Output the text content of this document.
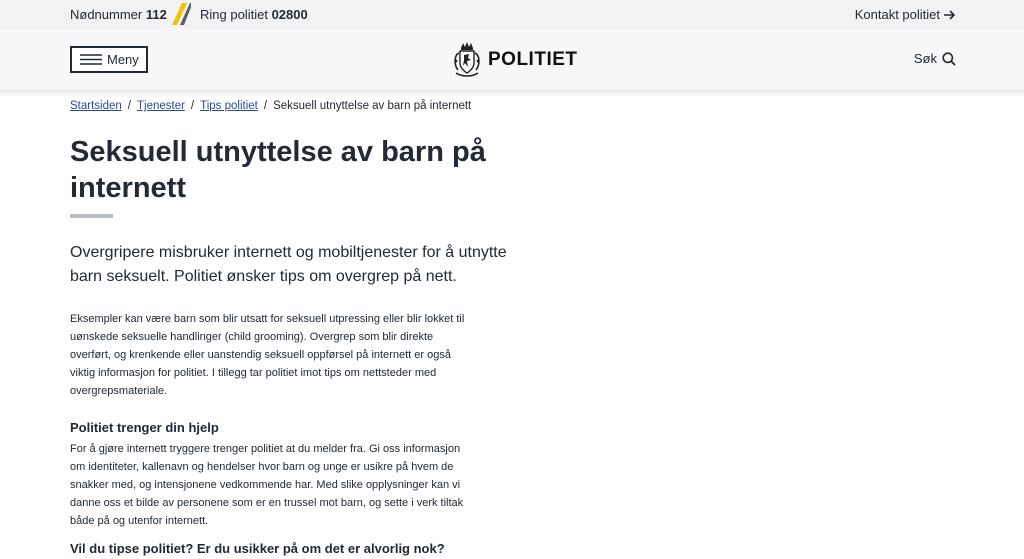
Nødnummer 112	Ring politiet 02800	Kontakt politiet
Meny	POLITIET	Søk
Startsiden / Tjenester / Tips politiet / Seksuell utnyttelse av barn på internett
Seksuell utnyttelse av barn på internett

Overgripere misbruker internett og mobiltjenester for å utnytte barn seksuelt. Politiet ønsker tips om overgrep på nett.

Eksempler kan være barn som blir utsatt for seksuell utpressing eller blir lokket til uønskede seksuelle handlinger (child grooming). Overgrep som blir direkte overført, og krenkende eller uanstendig seksuell oppførsel på internett er også viktig informasjon for politiet. I tillegg tar politiet imot tips om nettsteder med overgrepsmateriale.

Politiet trenger din hjelp

For å gjøre internett tryggere trenger politiet at du melder fra. Gi oss informasjon om identiteter, kallenavn og hendelser hvor barn og unge er usikre på hvem de snakker med, og intensjonene vedkommende har. Med slike opplysninger kan vi danne oss et bilde av personene som er en trussel mot barn, og sette i verk tiltak både på og utenfor internett.

Vil du tipse politiet? Er du usikker på om det er alvorlig nok?
